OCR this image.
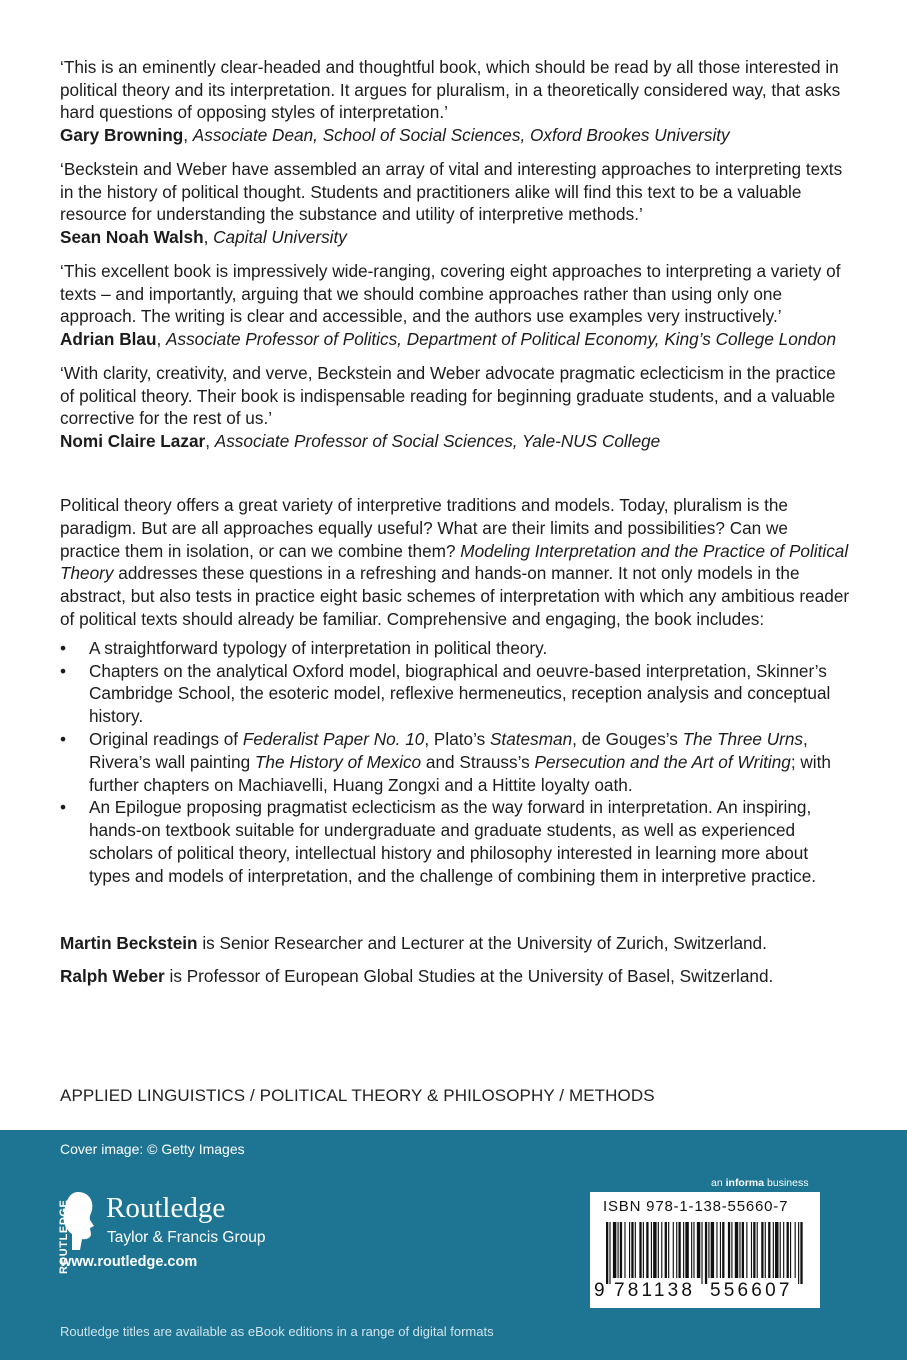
‘This is an eminently clear-headed and thoughtful book, which should be read by all those interested in political theory and its interpretation. It argues for pluralism, in a theoretically considered way, that asks hard questions of opposing styles of interpretation.’
Gary Browning, Associate Dean, School of Social Sciences, Oxford Brookes University
‘Beckstein and Weber have assembled an array of vital and interesting approaches to interpreting texts in the history of political thought. Students and practitioners alike will find this text to be a valuable resource for understanding the substance and utility of interpretive methods.’
Sean Noah Walsh, Capital University
‘This excellent book is impressively wide-ranging, covering eight approaches to interpreting a variety of texts – and importantly, arguing that we should combine approaches rather than using only one approach. The writing is clear and accessible, and the authors use examples very instructively.’
Adrian Blau, Associate Professor of Politics, Department of Political Economy, King’s College London
‘With clarity, creativity, and verve, Beckstein and Weber advocate pragmatic eclecticism in the practice of political theory. Their book is indispensable reading for beginning graduate students, and a valuable corrective for the rest of us.’
Nomi Claire Lazar, Associate Professor of Social Sciences, Yale-NUS College
Political theory offers a great variety of interpretive traditions and models. Today, pluralism is the paradigm. But are all approaches equally useful? What are their limits and possibilities? Can we practice them in isolation, or can we combine them? Modeling Interpretation and the Practice of Political Theory addresses these questions in a refreshing and hands-on manner. It not only models in the abstract, but also tests in practice eight basic schemes of interpretation with which any ambitious reader of political texts should already be familiar. Comprehensive and engaging, the book includes:
• A straightforward typology of interpretation in political theory.
• Chapters on the analytical Oxford model, biographical and oeuvre-based interpretation, Skinner’s Cambridge School, the esoteric model, reflexive hermeneutics, reception analysis and conceptual history.
• Original readings of Federalist Paper No. 10, Plato’s Statesman, de Gouges’s The Three Urns, Rivera’s wall painting The History of Mexico and Strauss’s Persecution and the Art of Writing; with further chapters on Machiavelli, Huang Zongxi and a Hittite loyalty oath.
• An Epilogue proposing pragmatist eclecticism as the way forward in interpretation. An inspiring, hands-on textbook suitable for undergraduate and graduate students, as well as experienced scholars of political theory, intellectual history and philosophy interested in learning more about types and models of interpretation, and the challenge of combining them in interpretive practice.

Martin Beckstein is Senior Researcher and Lecturer at the University of Zurich, Switzerland.

Ralph Weber is Professor of European Global Studies at the University of Basel, Switzerland.

APPLIED LINGUISTICS / POLITICAL THEORY & PHILOSOPHY / METHODS
Cover image: © Getty Images
ROUTLEDGE Routledge
Taylor & Francis Group
www.routledge.com
Routledge titles are available as eBook editions in a range of digital formats
an informa business
ISBN 978-1-138-55660-7
9 781138 556607
